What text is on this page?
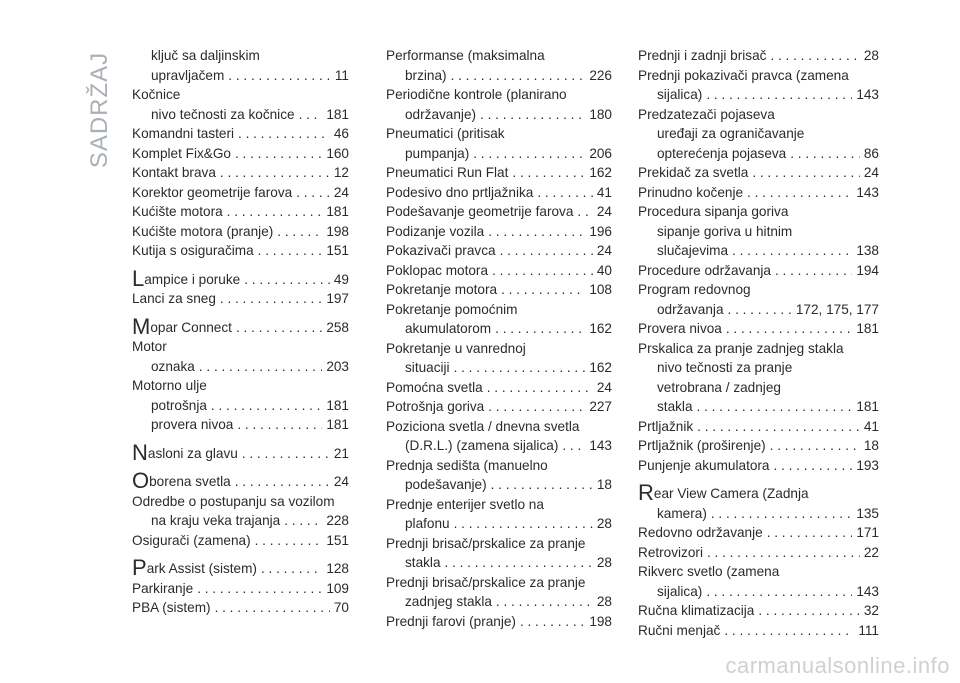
SADRŽAJ	ključ sa daljinskim
upravljačem . . .	11
Kočnice
nivo tečnosti za kočnice . . . 181
Komandni tasteri . . .	46
Komplet Fix&Go . . .	160
Kontakt brava . . .	12
Korektor geometrije farova . . .	24
Kućište motora . . .	181
Kućište motora (pranje) . . .	198
Kutija s osiguračima . . .	151
Lampice i poruke . . .	49
Lanci za sneg . . .	197
Mopar Connect . . .	258
Motor
oznaka . . .	203
Motorno ulje
potrošnja . . .	181
provera nivoa . . .	181
Nasloni za glavu . . .	21
Oborena svetla . . .	24
Odredbe o postupanju sa vozilom
na kraju veka trajanja . . .	228
Osigurači (zamena) . . .	151
Park Assist (sistem) . . .	128
Parkiranje . . .	109
PBA (sistem) . . .	70
Performanse (maksimalna
brzina) . . .	226
Periodične kontrole (planirano
održavanje) . . .	180
Pneumatici (pritisak
pumpanja) . . .	206
Pneumatici Run Flat . . .	162
Podesivo dno prtljažnika . . .	41
Podešavanje geometrije farova . . . 24
Podizanje vozila . . .	196
Pokazivači pravca . . .	24
Poklopac motora . . .	40
Pokretanje motora . . .	108
Pokretanje pomoćnim
akumulatorom . . .	162
Pokretanje u vanrednoj
situaciji . . .	162
Pomoćna svetla . . .	24
Potrošnja goriva . . .	227
Poziciona svetla / dnevna svetla
(D.R.L.) (zamena sijalica) . . . 143
Prednja sedišta (manuelno
podešavanje) . . .	18
Prednje enterijer svetlo na
plafonu . . .	28
Prednji brisač/prskalice za pranje
stakla . . .	28
Prednji brisač/prskalice za pranje
zadnjeg stakla . . .	28
Prednji farovi (pranje) . . .	198
Prednji i zadnji brisač . . .	28
Prednji pokazivači pravca (zamena
sijalica) . . .	143
Predzatezači pojaseva
uređaji za ograničavanje
opterećenja pojaseva . . .	86
Prekidač za svetla . . .	24
Prinudno kočenje . . .	143
Procedura sipanja goriva
sipanje goriva u hitnim
slučajevima . . .	138
Procedure održavanja . . .	194
Program redovnog
održavanja . . .	172, 175, 177
Provera nivoa . . .	181
Prskalica za pranje zadnjeg stakla
nivo tečnosti za pranje
vetrobrana / zadnjeg
stakla . . .	181
Prtljažnik . . .	41
Prtljažnik (proširenje) . . .	18
Punjenje akumulatora . . .	193
Rear View Camera (Zadnja
kamera) . . .	135
Redovno održavanje . . .	171
Retrovizori . . .	22
Rikverc svetlo (zamena
sijalica) . . .	143
Ručna klimatizacija . . .	32
Ručni menjač . . .	111
carmanualsonline.info
